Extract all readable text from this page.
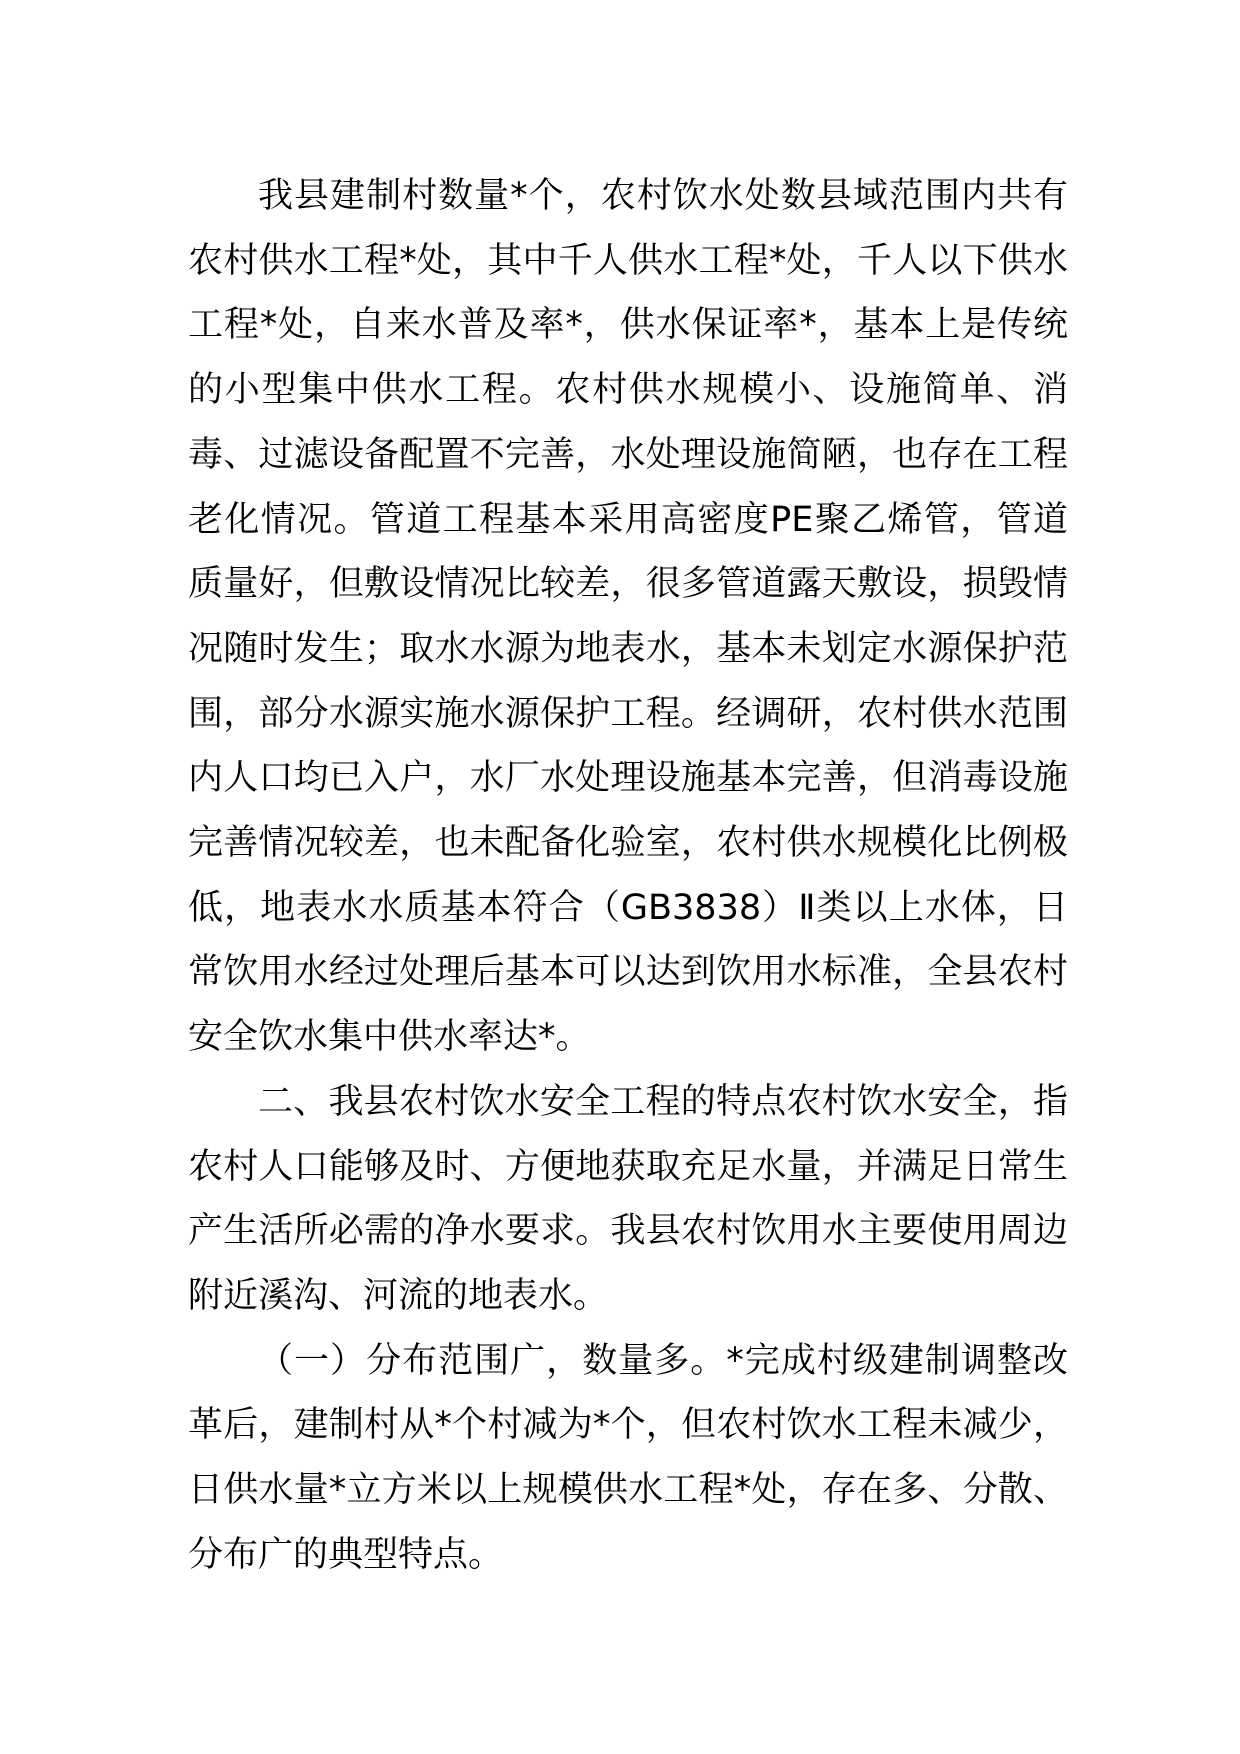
我县建制村数量*个，农村饮水处数县域范围内共有农村供水工程*处，其中千人供水工程*处，千人以下供水工程*处，自来水普及率*，供水保证率*，基本上是传统的小型集中供水工程。农村供水规模小、设施简单、消毒、过滤设备配置不完善，水处理设施简陋，也存在工程老化情况。管道工程基本采用高密度PE聚乙烯管，管道质量好，但敷设情况比较差，很多管道露天敷设，损毁情况随时发生；取水水源为地表水，基本未划定水源保护范围，部分水源实施水源保护工程。经调研，农村供水范围内人口均已入户，水厂水处理设施基本完善，但消毒设施完善情况较差，也未配备化验室，农村供水规模化比例极低，地表水水质基本符合（GB3838）Ⅱ类以上水体，日常饮用水经过处理后基本可以达到饮用水标准，全县农村安全饮水集中供水率达*。

二、我县农村饮水安全工程的特点农村饮水安全，指农村人口能够及时、方便地获取充足水量，并满足日常生产生活所必需的净水要求。我县农村饮用水主要使用周边附近溪沟、河流的地表水。

（一）分布范围广，数量多。*完成村级建制调整改革后，建制村从*个村减为*个，但农村饮水工程未减少，日供水量*立方米以上规模供水工程*处，存在多、分散、分布广的典型特点。
